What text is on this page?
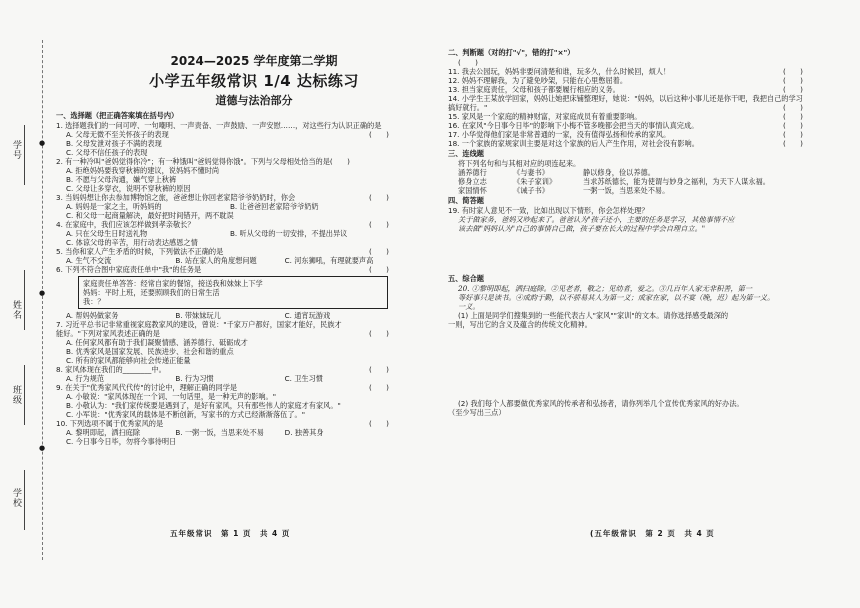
学号
姓名
班级
学校
●
●
●
2024—2025 学年度第二学期
小学五年级常识 1/4 达标练习
道德与法治部分
一、选择题（把正确答案填在括号内）
1. 选择题我们的一问可哼、一句嘲明、一声责备、一声鼓励、一声安慰……，对这些行为认识正确的是
A. 父母无微不至关怀孩子的表现	(　　)
B. 父母发泄对孩子不满的表现
C. 父母不信任孩子的表现
2. 有一种冷叫"爸妈觉得你冷"；有一种饿叫"爸妈觉得你饿"。下列与父母相处恰当的是(　　)
A. 拒绝妈妈要我穿秋裤的建议，说妈妈不懂时尚
B. 不愿与父母沟通，嫌气穿上秋裤
C. 父母让多穿衣，说明不穿秋裤的原因
3. 当妈妈想让你去参加博物馆之旅，爸爸想让你回老家陪爷爷奶奶时，你会	(　　)
A. 妈妈是一家之主，听妈妈的	B. 让爸爸回老家陪爷爷奶奶
C. 和父母一起商量解决，最好把时间错开，两不耽误
4. 在家庭中，我们应该怎样做到孝亲敬长？	(　　)
A. 只在父母生日时送礼物	B. 听从父母的一切安排，不提出异议
C. 体谅父母的辛苦，用行动表达感恩之情
5. 当你和家人产生矛盾的时候，下列做法不正确的是	(　　)
A. 生气不交流	B. 站在家人的角度想问题	C. 河东狮吼，有理就要声高
6. 下列不符合图中家庭责任单中"我"的任务是	(　　)
家庭责任单答答：经常自家的餐馆，接送我和妹妹上下学
妈妈：平时上班，还要照顾我们的日常生活
我：？
A. 帮妈妈做家务	B. 带妹妹玩儿	C. 通宵玩游戏
7. 习近平总书记非常重视家庭教家风的建设，曾说："千家万户都好，国家才能好，民族才
能好。"下列对家风表述正确的是	(　　)
A. 任何家风都有助于我们凝聚情感、涵养德行、砥砺成才
B. 优秀家风是国家发展、民族进步、社会和谐的重点
C. 所有的家风都能够向社会传递正能量
8. 家风体现在我们的________中。	(　　)
A. 行为规范	B. 行为习惯	C. 卫生习惯
9. 在关于"优秀家风代代传"的讨论中，理解正确的同学是	(　　)
A. 小敏说："家风体现在一个词、一句话里，是一种无声的影响。"
B. 小敬认为："我们家传统要是遇到了，是好有家风，只有那些伟人的家庭才有家风。"
C. 小军说："优秀家风的载体是不断创新，写家书的方式已经渐渐落伍了。"
10. 下列选项不属于优秀家风的是	(　　)
A. 黎明即起，洒扫庭除	B. 一粥一饭，当思来处不易	D. 独善其身
C. 今日事今日毕，勿将今事待明日
五年级常识　第 1 页　共 4 页
二、判断题（对的打"√"，错的打"×"）
(　　)
11. 我去公园玩，妈妈非要问清楚和谁，玩多久，什么时候回，烦人！	(　　)
12. 妈妈不理解我，为了避免吵架，只能在心里憋屈着。	(　　)
13. 担当家庭责任，父母和孩子都要履行相应的义务。	(　　)
14. 小学生王某放学回家，妈妈让她把床铺整理好，她说："妈妈，以后这种小事儿还是你干吧，我把自己的学习搞好就行。"	(　　)
15. 家风是一个家庭的精神财富，对家庭成员有着重要影响。	(　　)
16. 在家风"今日事今日毕"的影响下小梅不管多晚都会把当天的事情认真完成。	(　　)
17. 小华觉得他们家是非常普通的一家，没有值得弘扬和传承的家风。	(　　)
18. 一个家族的家规家训主要是对这个家族的后人产生作用，对社会没有影响。	(　　)
三、连线题
将下列名句和与其相对应的项连起来。
涵养德行	《与妻书》	静以修身，俭以养德。
修身立志	《朱子家训》	当求苏纸德长，能为使谓与妙身之福利，为天下人谋永福。
家国情怀	《诫子书》	一粥一饭，当思来处不易。
四、简答题
19. 有时家人意见不一致，比如出现以下情形，你会怎样处理？
关于做家务，爸妈又吵起来了。爸爸认为"孩子还小，主要的任务是学习，其他事情不应
该去做"妈妈认为"自己的事情自己做，孩子要在长大的过程中学会自理自立。"
五、综合题
20. ①黎明即起，洒扫庭除。②见老者，敬之；见幼者，爱之。③几百年人家无非积善，第一
等好事只是读书。④成韵于勤，以不骄易其人为第一义；成家在家，以不宴（晚，迟）起为第一义。
一义。
(1) 上面是同学们搜集到的一些能代表古人"家风""家训"的文本。请你选择感受最深的
一则，写出它的含义及蕴含的传统文化精神。
(2) 我们每个人都要做优秀家风的传承者和弘扬者，请你列举几个宣传优秀家风的好办法。
（至少写出三点）
(五年级常识　第 2 页　共 4 页
